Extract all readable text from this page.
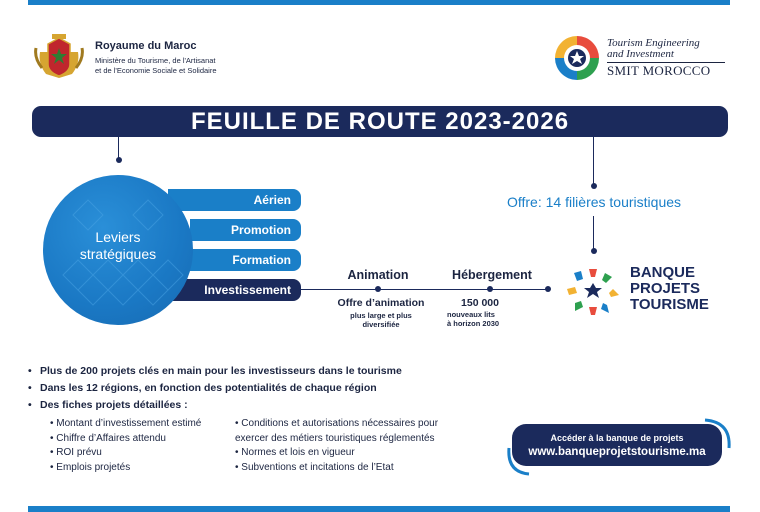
Royaume du Maroc
Ministère du Tourisme, de l'Artisanat
et de l'Economie Sociale et Solidaire
Tourism Engineering
and Investment
SMIT MOROCCO
FEUILLE DE ROUTE 2023-2026
Aérien
Promotion
Formation
Investissement
Leviers
stratégiques
Animation	Hébergement
Offre d’animation
plus large et plus
diversifiée
150 000
nouveaux lits
à horizon 2030
Offre: 14 filières touristiques
BANQUE
PROJETS
TOURISME
• Plus de 200 projets clés en main pour les investisseurs dans le tourisme
• Dans les 12 régions, en fonction des potentialités de chaque région
• Des fiches projets détaillées :
• Montant d’investissement estimé
• Chiffre d’Affaires attendu
• ROI prévu
• Emplois projetés
• Conditions et autorisations nécessaires pour
exercer des métiers touristiques réglementés
• Normes et lois en vigueur
• Subventions et incitations de l’Etat
Accéder à la banque de projets
www.banqueprojetstourisme.ma
